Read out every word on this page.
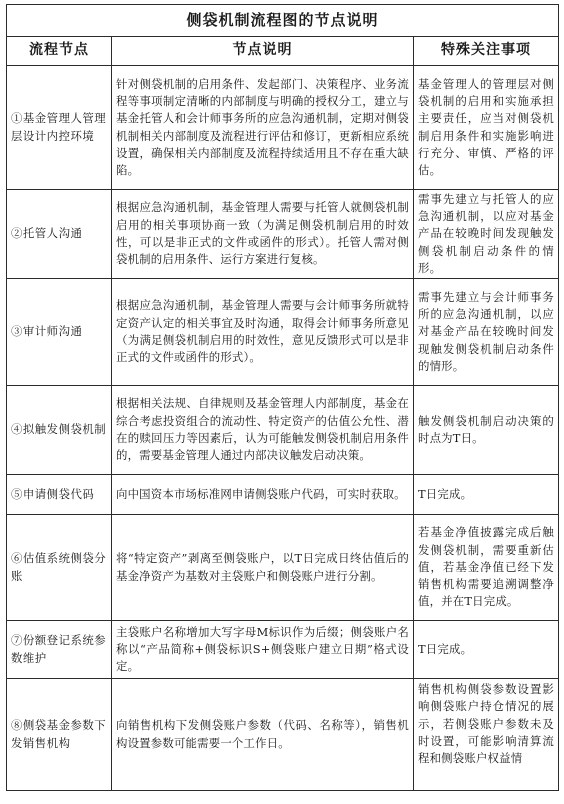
侧袋机制流程图的节点说明		
流程节点	节点说明	特殊关注事项
①基金管理人管理层设计内控环境	针对侧袋机制的启用条件、发起部门、决策程序、业务流程等事项制定清晰的内部制度与明确的授权分工，建立与基金托管人和会计师事务所的应急沟通机制，定期对侧袋机制相关内部制度及流程进行评估和修订，更新相应系统设置，确保相关内部制度及流程持续适用且不存在重大缺陷。	基金管理人的管理层对侧袋机制的启用和实施承担主要责任，应当对侧袋机制启用条件和实施影响进行充分、审慎、严格的评估。
②托管人沟通	根据应急沟通机制，基金管理人需要与托管人就侧袋机制启用的相关事项协商一致（为满足侧袋机制启用的时效性，可以是非正式的文件或函件的形式）。托管人需对侧袋机制的启用条件、运行方案进行复核。	需事先建立与托管人的应急沟通机制，以应对基金产品在较晚时间发现触发侧袋机制启动条件的情形。
③审计师沟通	根据应急沟通机制，基金管理人需要与会计师事务所就特定资产认定的相关事宜及时沟通，取得会计师事务所意见（为满足侧袋机制启用的时效性，意见反馈形式可以是非正式的文件或函件的形式）。	需事先建立与会计师事务所的应急沟通机制，以应对基金产品在较晚时间发现触发侧袋机制启动条件的情形。
④拟触发侧袋机制	根据相关法规、自律规则及基金管理人内部制度，基金在综合考虑投资组合的流动性、特定资产的估值公允性、潜在的赎回压力等因素后，认为可能触发侧袋机制启用条件的，需要基金管理人通过内部决议触发启动决策。	触发侧袋机制启动决策的时点为T日。
⑤申请侧袋代码	向中国资本市场标准网申请侧袋账户代码，可实时获取。	T日完成。
⑥估值系统侧袋分账	将“特定资产”剥离至侧袋账户，以T日完成日终估值后的基金净资产为基数对主袋账户和侧袋账户进行分割。	若基金净值披露完成后触发侧袋机制，需要重新估值，若基金净值已经下发销售机构需要追溯调整净值，并在T日完成。
⑦份额登记系统参数维护	主袋账户名称增加大写字母M标识作为后缀；侧袋账户名称以“产品简称+侧袋标识S+侧袋账户建立日期”格式设定。	T日完成。
⑧侧袋基金参数下发销售机构	向销售机构下发侧袋账户参数（代码、名称等），销售机构设置参数可能需要一个工作日。	销售机构侧袋参数设置影响侧袋账户持仓情况的展示，若侧袋账户参数未及时设置，可能影响清算流程和侧袋账户权益情
